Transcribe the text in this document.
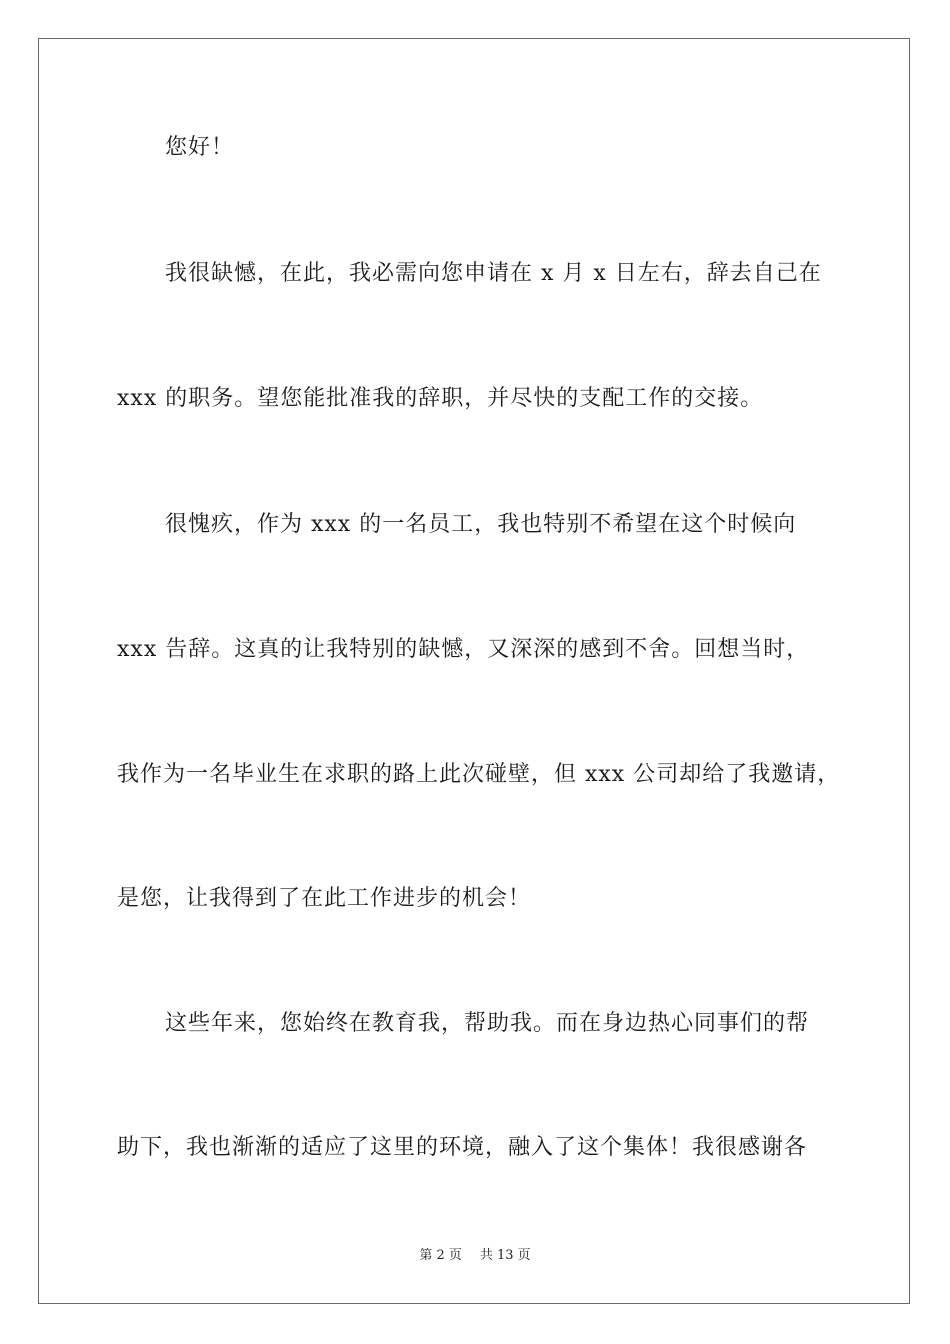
您好！
我很缺憾，在此，我必需向您申请在 x 月 x 日左右，辞去自己在
xxx 的职务。望您能批准我的辞职，并尽快的支配工作的交接。
很愧疚，作为 xxx 的一名员工，我也特别不希望在这个时候向
xxx 告辞。这真的让我特别的缺憾，又深深的感到不舍。回想当时，
我作为一名毕业生在求职的路上此次碰壁，但 xxx 公司却给了我邀请，
是您，让我得到了在此工作进步的机会！
这些年来，您始终在教育我，帮助我。而在身边热心同事们的帮
助下，我也渐渐的适应了这里的环境，融入了这个集体！我很感谢各
第 2 页 共 13 页
